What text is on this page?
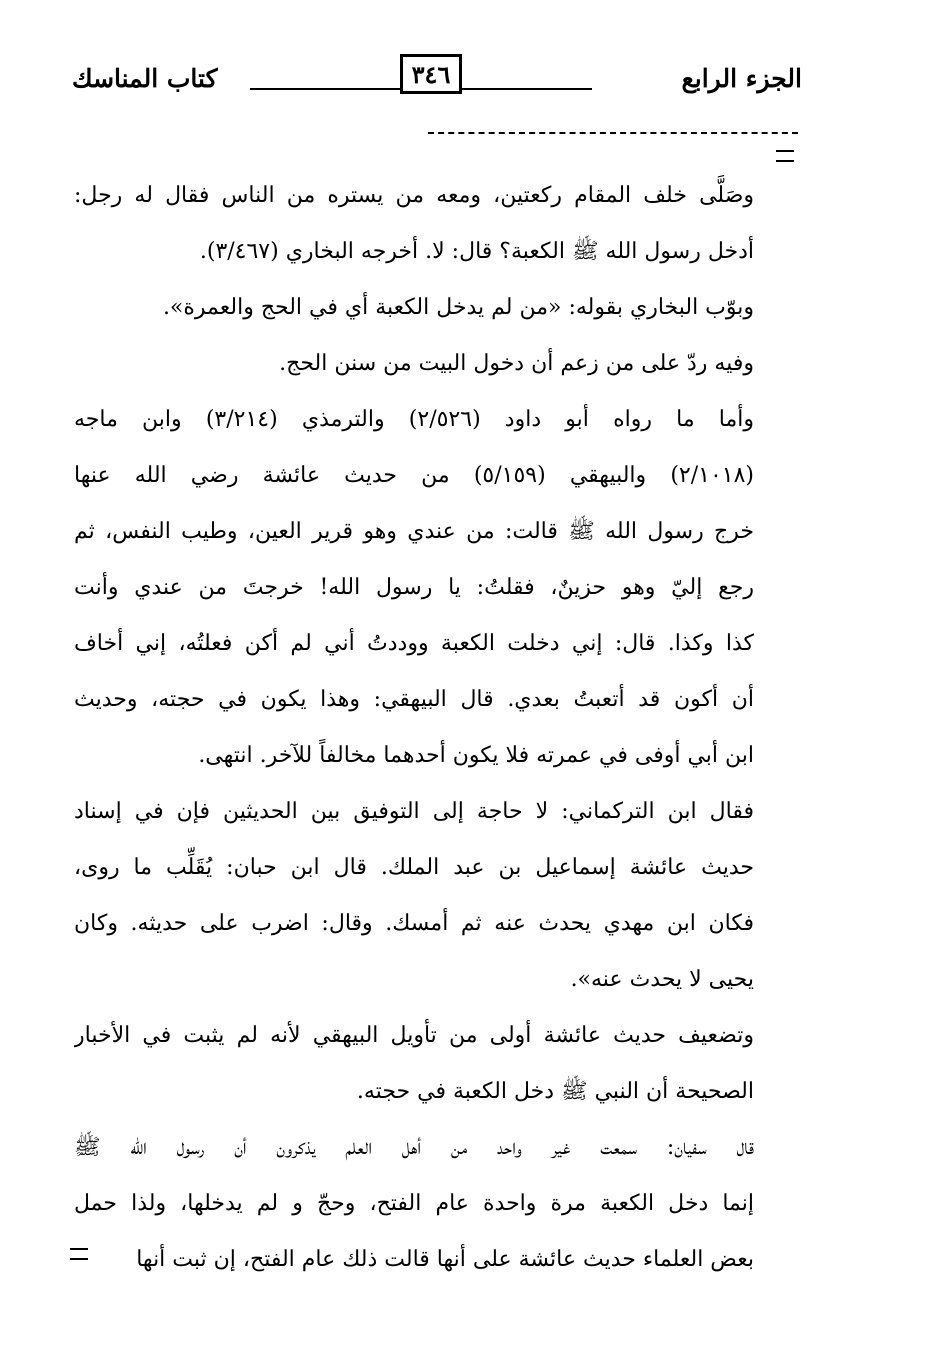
كتاب المناسك	٣٤٦	الجزء الرابع
وصَلَّى خلف المقام ركعتين، ومعه من يستره من الناس فقال له رجل:
أدخل رسول الله ﷺ الكعبة؟ قال: لا. أخرجه البخاري (٣/٤٦٧).
وبوّب البخاري بقوله: «من لم يدخل الكعبة أي في الحج والعمرة».
وفيه ردّ على من زعم أن دخول البيت من سنن الحج.
وأما ما رواه أبو داود (٢/٥٢٦) والترمذي (٣/٢١٤) وابن ماجه
(٢/١٠١٨) والبيهقي (٥/١٥٩) من حديث عائشة رضي الله عنها
خرج رسول الله ﷺ قالت: من عندي وهو قرير العين، وطيب النفس، ثم
رجع إليّ وهو حزينٌ، فقلتُ: يا رسول الله! خرجتَ من عندي وأنت
كذا وكذا. قال: إني دخلت الكعبة ووددتُ أني لم أكن فعلتُه، إني أخاف
أن أكون قد أتعبتُ بعدي. قال البيهقي: وهذا يكون في حجته، وحديث
ابن أبي أوفى في عمرته فلا يكون أحدهما مخالفاً للآخر. انتهى.
فقال ابن التركماني: لا حاجة إلى التوفيق بين الحديثين فإن في إسناد
حديث عائشة إسماعيل بن عبد الملك. قال ابن حبان: يُقَلِّب ما روى،
فكان ابن مهدي يحدث عنه ثم أمسك. وقال: اضرب على حديثه. وكان
يحيى لا يحدث عنه».
وتضعيف حديث عائشة أولى من تأويل البيهقي لأنه لم يثبت في الأخبار
الصحيحة أن النبي ﷺ دخل الكعبة في حجته.
قال سفيان: سمعت غير واحد من أهل العلم يذكرون أن رسول الله ﷺ
إنما دخل الكعبة مرة واحدة عام الفتح، وحجّ و لم يدخلها، ولذا حمل
بعض العلماء حديث عائشة على أنها قالت ذلك عام الفتح، إن ثبت أنها
